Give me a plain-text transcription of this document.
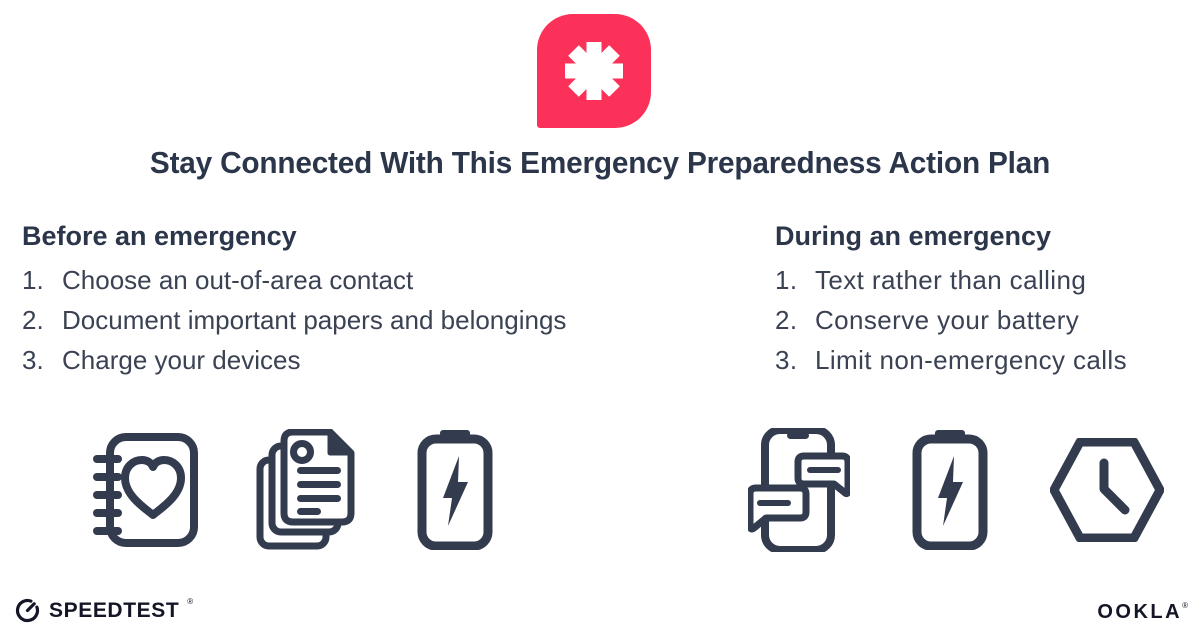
Stay Connected With This Emergency Preparedness Action Plan
Before an emergency
1. Choose an out-of-area contact
2. Document important papers and belongings
3. Charge your devices
During an emergency
1. Text rather than calling
2. Conserve your battery
3. Limit non-emergency calls
SPEEDTEST ®	OOKLA ®
